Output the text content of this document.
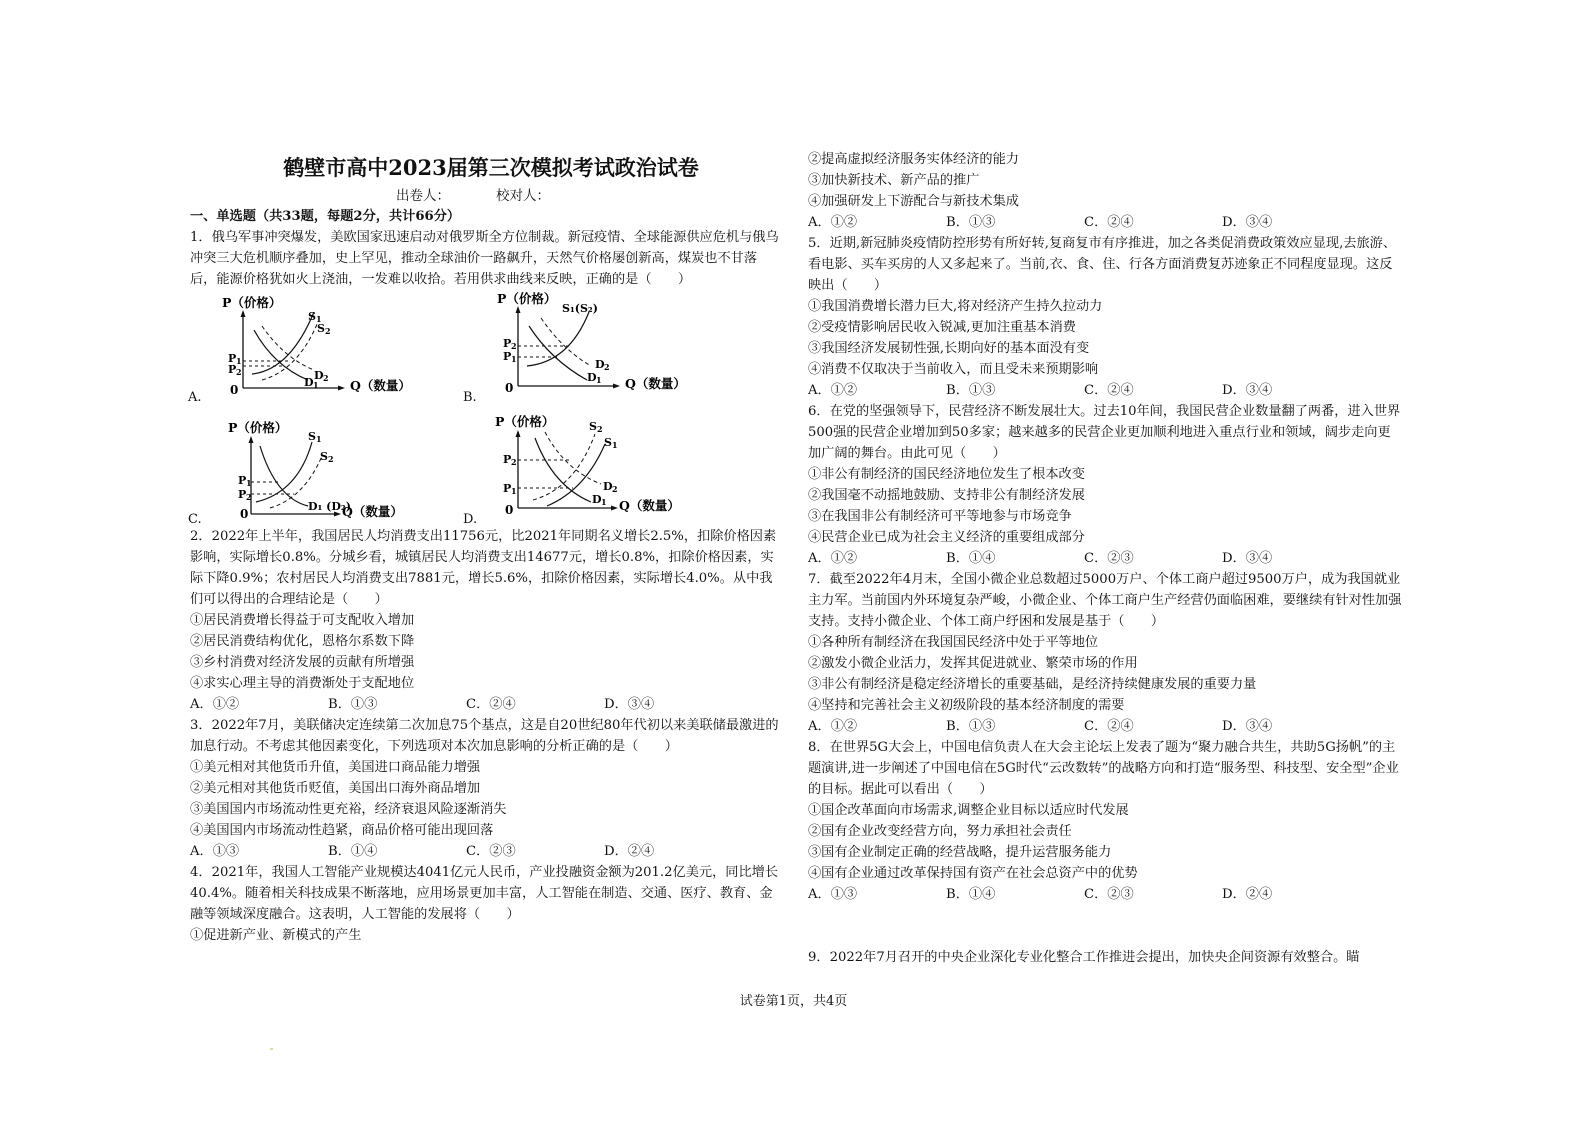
鹤壁市高中2023届第三次模拟考试政治试卷
出卷人：	校对人：
一、单选题（共33题，每题2分，共计66分）
1．俄乌军事冲突爆发，美欧国家迅速启动对俄罗斯全方位制裁。新冠疫情、全球能源供应危机与俄乌冲突三大危机顺序叠加，史上罕见，推动全球油价一路飙升，天然气价格屡创新高，煤炭也不甘落后，能源价格犹如火上浇油，一发难以收拾。若用供求曲线来反映，正确的是（　　）
P（价格）
0	Q（数量）
P 1
P 2
S 1
S 2
D 2
D 1
A.
P（价格）
0	Q（数量）
P 2
P 1
S₁(S₂)
D 2
D 1
B.
P（价格）
0	Q（数量）
P 1
P 2
S 1
S 2
D₁ (D₂)
C.
P（价格）
0	Q（数量）
P 2
P 1
S 2
S 1
D 2
D 1
D.
2．2022年上半年，我国居民人均消费支出11756元，比2021年同期名义增长2.5%，扣除价格因素影响，实际增长0.8%。分城乡看，城镇居民人均消费支出14677元，增长0.8%，扣除价格因素，实际下降0.9%；农村居民人均消费支出7881元，增长5.6%，扣除价格因素，实际增长4.0%。从中我们可以得出的合理结论是（　　）
①居民消费增长得益于可支配收入增加
②居民消费结构优化，恩格尔系数下降
③乡村消费对经济发展的贡献有所增强
④求实心理主导的消费渐处于支配地位
A．①②	B．①③	C．②④	D．③④
3．2022年7月，美联储决定连续第二次加息75个基点，这是自20世纪80年代初以来美联储最激进的加息行动。不考虑其他因素变化，下列选项对本次加息影响的分析正确的是（　　）
①美元相对其他货币升值，美国进口商品能力增强
②美元相对其他货币贬值，美国出口海外商品增加
③美国国内市场流动性更充裕，经济衰退风险逐渐消失
④美国国内市场流动性趋紧，商品价格可能出现回落
A．①③	B．①④	C．②③	D．②④
4．2021年，我国人工智能产业规模达4041亿元人民币，产业投融资金额为201.2亿美元，同比增长40.4%。随着相关科技成果不断落地，应用场景更加丰富，人工智能在制造、交通、医疗、教育、金融等领域深度融合。这表明，人工智能的发展将（　　）
①促进新产业、新模式的产生
②提高虚拟经济服务实体经济的能力
③加快新技术、新产品的推广
④加强研发上下游配合与新技术集成
A．①②	B．①③	C．②④	D．③④
5．近期,新冠肺炎疫情防控形势有所好转,复商复市有序推进，加之各类促消费政策效应显现,去旅游、看电影、买车买房的人又多起来了。当前,衣、食、住、行各方面消费复苏迹象正不同程度显现。这反映出（　　）
①我国消费增长潜力巨大,将对经济产生持久拉动力
②受疫情影响居民收入锐减,更加注重基本消费
③我国经济发展韧性强,长期向好的基本面没有变
④消费不仅取决于当前收入，而且受未来预期影响
A．①②	B．①③	C．②④	D．③④
6．在党的坚强领导下，民营经济不断发展壮大。过去10年间，我国民营企业数量翻了两番，进入世界500强的民营企业增加到50多家；越来越多的民营企业更加顺利地进入重点行业和领域，阔步走向更加广阔的舞台。由此可见（　　）
①非公有制经济的国民经济地位发生了根本改变
②我国毫不动摇地鼓励、支持非公有制经济发展
③在我国非公有制经济可平等地参与市场竞争
④民营企业已成为社会主义经济的重要组成部分
A．①②	B．①④	C．②③	D．③④
7．截至2022年4月末，全国小微企业总数超过5000万户、个体工商户超过9500万户，成为我国就业主力军。当前国内外环境复杂严峻，小微企业、个体工商户生产经营仍面临困难，要继续有针对性加强支持。支持小微企业、个体工商户纾困和发展是基于（　　）
①各种所有制经济在我国国民经济中处于平等地位
②激发小微企业活力，发挥其促进就业、繁荣市场的作用
③非公有制经济是稳定经济增长的重要基础，是经济持续健康发展的重要力量
④坚持和完善社会主义初级阶段的基本经济制度的需要
A．①②	B．①③	C．②④	D．③④
8．在世界5G大会上，中国电信负责人在大会主论坛上发表了题为“聚力融合共生，共助5G扬帆”的主题演讲,进一步阐述了中国电信在5G时代“云改数转”的战略方向和打造“服务型、科技型、安全型”企业的目标。据此可以看出（　　）
①国企改革面向市场需求,调整企业目标以适应时代发展
②国有企业改变经营方向，努力承担社会责任
③国有企业制定正确的经营战略，提升运营服务能力
④国有企业通过改革保持国有资产在社会总资产中的优势
A．①③	B．①④	C．②③	D．②④
9．2022年7月召开的中央企业深化专业化整合工作推进会提出，加快央企间资源有效整合。瞄
试卷第1页，共4页
